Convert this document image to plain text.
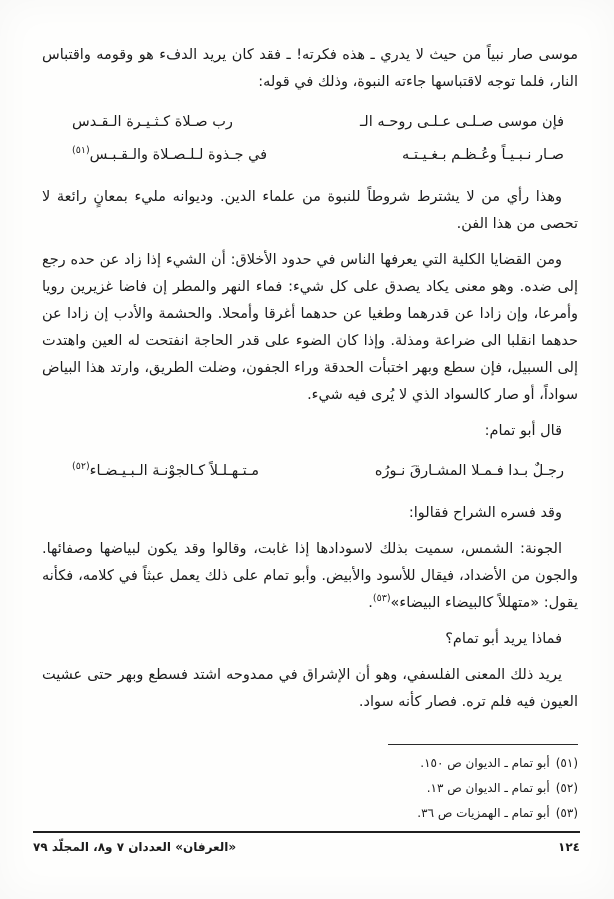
موسى صار نبياً من حيث لا يدري ـ هذه فكرته! ـ فقد كان يريد الدفء هو وقومه واقتباس النار، فلما توجه لاقتباسها جاءته النبوة، وذلك في قوله:

فإن موسى صـلـى عـلـى روحـه الـ
رب صـلاة كـثـيـرة الـقـدس
صـار نـبـيـاً وعُـظـم بـغـيـتـه
في جـذوة لـلـصـلاة والـقـبـس$^{(٥١)}$

وهذا رأي من لا يشترط شروطاً للنبوة من علماء الدين. وديوانه مليء بمعانٍ رائعة لا تحصى من هذا الفن.

ومن القضايا الكلية التي يعرفها الناس في حدود الأخلاق: أن الشيء إذا زاد عن حده رجع إلى ضده. وهو معنى يكاد يصدق على كل شيء: فماء النهر والمطر إن فاضا غزيرين رويا وأمرعا، وإن زادا عن قدرهما وطغيا عن حدهما أغرقا وأمحلا. والحشمة والأدب إن زادا عن حدهما انقلبا الى ضراعة ومذلة. وإذا كان الضوء على قدر الحاجة انفتحت له العين واهتدت إلى السبيل، فإن سطع وبهر اختبأت الحدقة وراء الجفون، وضلت الطريق، وارتد هذا البياض سواداً، أو صار كالسواد الذي لا يُرى فيه شيء.

قال أبو تمام:

رجـلٌ بـدا فـمـلا المشـارقَ نـورُه
مـتـهـلـلاً كـالجوْنـة الـبـيـضـاء$^{(٥٢)}$

وقد فسره الشراح فقالوا:

الجونة: الشمس، سميت بذلك لاسودادها إذا غابت، وقالوا وقد يكون لبياضها وصفائها. والجون من الأضداد، فيقال للأسود والأبيض. وأبو تمام على ذلك يعمل عبثاً في كلامه، فكأنه يقول: «متهللاً كالبيضاء البيضاء»$^{(٥٣)}$.

فماذا يريد أبو تمام؟

يريد ذلك المعنى الفلسفي، وهو أن الإشراق في ممدوحه اشتد فسطع وبهر حتى عشيت العيون فيه فلم تره. فصار كأنه سواد.

(٥١)أبو تمام ـ الديوان ص ١٥٠.
(٥٢)أبو تمام ـ الديوان ص ١٣.
(٥٣)أبو تمام ـ الهمزيات ص ٣٦.
١٢٤
«العرفان» العددان ٧ و٨، المجلّد ٧٩
